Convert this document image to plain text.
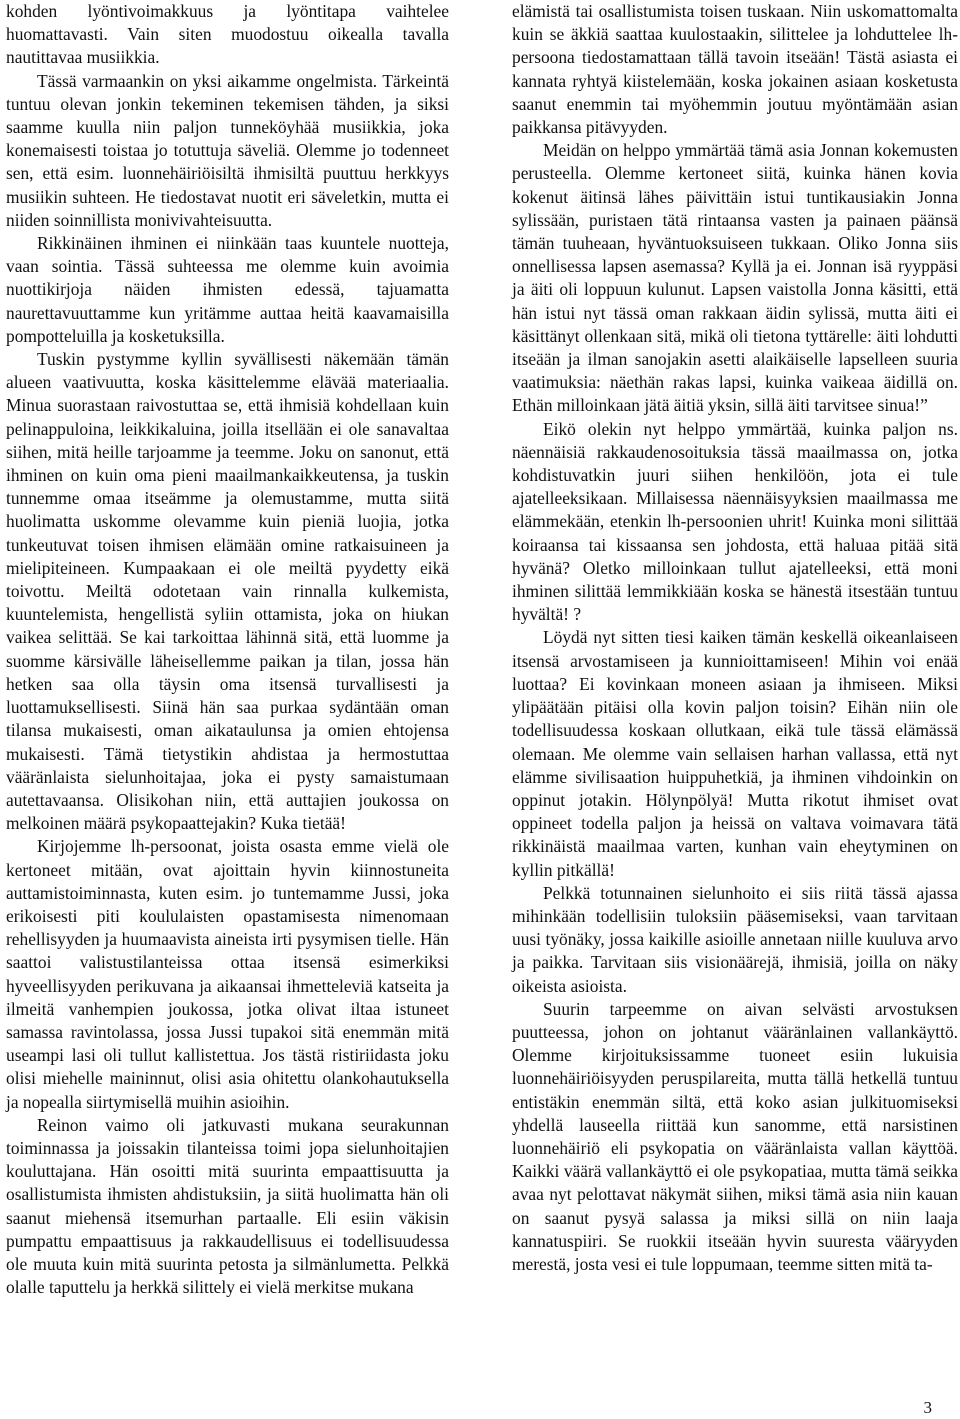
kohden lyöntivoimakkuus ja lyöntitapa vaihtelee huomattavasti. Vain siten muodostuu oikealla tavalla nautittavaa musiikkia.

Tässä varmaankin on yksi aikamme ongelmista. Tärkeintä tuntuu olevan jonkin tekeminen tekemisen tähden, ja siksi saamme kuulla niin paljon tunneköyhää musiikkia, joka konemaisesti toistaa jo totuttuja säveliä. Olemme jo todenneet sen, että esim. luonnehäiriöisiltä ihmisiltä puuttuu herkkyys musiikin suhteen. He tiedostavat nuotit eri säveletkin, mutta ei niiden soinnillista monivivahteisuutta.

Rikkinäinen ihminen ei niinkään taas kuuntele nuotteja, vaan sointia. Tässä suhteessa me olemme kuin avoimia nuottikirjoja näiden ihmisten edessä, tajuamatta naurettavuuttamme kun yritämme auttaa heitä kaavamaisilla pompotteluilla ja kosketuksilla.

Tuskin pystymme kyllin syvällisesti näkemään tämän alueen vaativuutta, koska käsittelemme elävää materiaalia. Minua suorastaan raivostuttaa se, että ihmisiä kohdellaan kuin pelinappuloina, leikkikaluina, joilla itsellään ei ole sanavaltaa siihen, mitä heille tarjoamme ja teemme. Joku on sanonut, että ihminen on kuin oma pieni maailmankaikkeutensa, ja tuskin tunnemme omaa itseämme ja olemustamme, mutta siitä huolimatta uskomme olevamme kuin pieniä luojia, jotka tunkeutuvat toisen ihmisen elämään omine ratkaisuineen ja mielipiteineen. Kumpaakaan ei ole meiltä pyydetty eikä toivottu. Meiltä odotetaan vain rinnalla kulkemista, kuuntelemista, hengellistä syliin ottamista, joka on hiukan vaikea selittää. Se kai tarkoittaa lähinnä sitä, että luomme ja suomme kärsivälle läheisellemme paikan ja tilan, jossa hän hetken saa olla täysin oma itsensä turvallisesti ja luottamuksellisesti. Siinä hän saa purkaa sydäntään oman tilansa mukaisesti, oman aikataulunsa ja omien ehtojensa mukaisesti. Tämä tietystikin ahdistaa ja hermostuttaa vääränlaista sielunhoitajaa, joka ei pysty samaistumaan autettavaansa. Olisikohan niin, että auttajien joukossa on melkoinen määrä psykopaattejakin? Kuka tietää!

Kirjojemme lh-persoonat, joista osasta emme vielä ole kertoneet mitään, ovat ajoittain hyvin kiinnostuneita auttamistoiminnasta, kuten esim. jo tuntemamme Jussi, joka erikoisesti piti koululaisten opastamisesta nimenomaan rehellisyyden ja huumaavista aineista irti pysymisen tielle. Hän saattoi valistustilanteissa ottaa itsensä esimerkiksi hyveellisyyden perikuvana ja aikaansai ihmetteleviä katseita ja ilmeitä vanhempien joukossa, jotka olivat iltaa istuneet samassa ravintolassa, jossa Jussi tupakoi sitä enemmän mitä useampi lasi oli tullut kallistettua. Jos tästä ristiriidasta joku olisi miehelle maininnut, olisi asia ohitettu olankohautuksella ja nopealla siirtymisellä muihin asioihin.

Reinon vaimo oli jatkuvasti mukana seurakunnan toiminnassa ja joissakin tilanteissa toimi jopa sielunhoitajien kouluttajana. Hän osoitti mitä suurinta empaattisuutta ja osallistumista ihmisten ahdistuksiin, ja siitä huolimatta hän oli saanut miehensä itsemurhan partaalle. Eli esiin väkisin pumpattu empaattisuus ja rakkaudellisuus ei todellisuudessa ole muuta kuin mitä suurinta petosta ja silmänlumetta. Pelkkä olalle taputtelu ja herkkä silittely ei vielä merkitse mukana

elämistä tai osallistumista toisen tuskaan. Niin uskomattomalta kuin se äkkiä saattaa kuulostaakin, silittelee ja lohduttelee lh-persoona tiedostamattaan tällä tavoin itseään! Tästä asiasta ei kannata ryhtyä kiistelemään, koska jokainen asiaan kosketusta saanut enemmin tai myöhemmin joutuu myöntämään asian paikkansa pitävyyden.

Meidän on helppo ymmärtää tämä asia Jonnan kokemusten perusteella. Olemme kertoneet siitä, kuinka hänen kovia kokenut äitinsä lähes päivittäin istui tuntikausiakin Jonna sylissään, puristaen tätä rintaansa vasten ja painaen päänsä tämän tuuheaan, hyväntuoksuiseen tukkaan. Oliko Jonna siis onnellisessa lapsen asemassa? Kyllä ja ei. Jonnan isä ryyppäsi ja äiti oli loppuun kulunut. Lapsen vaistolla Jonna käsitti, että hän istui nyt tässä oman rakkaan äidin sylissä, mutta äiti ei käsittänyt ollenkaan sitä, mikä oli tietona tyttärelle: äiti lohdutti itseään ja ilman sanojakin asetti alaikäiselle lapselleen suuria vaatimuksia: näethän rakas lapsi, kuinka vaikeaa äidillä on. Ethän milloinkaan jätä äitiä yksin, sillä äiti tarvitsee sinua!”

Eikö olekin nyt helppo ymmärtää, kuinka paljon ns. näennäisiä rakkaudenosoituksia tässä maailmassa on, jotka kohdistuvatkin juuri siihen henkilöön, jota ei tule ajatelleeksikaan. Millaisessa näennäisyyksien maailmassa me elämmekään, etenkin lh-persoonien uhrit! Kuinka moni silittää koiraansa tai kissaansa sen johdosta, että haluaa pitää sitä hyvänä? Oletko milloinkaan tullut ajatelleeksi, että moni ihminen silittää lemmikkiään koska se hänestä itsestään tuntuu hyvältä! ?

Löydä nyt sitten tiesi kaiken tämän keskellä oikeanlaiseen itsensä arvostamiseen ja kunnioittamiseen! Mihin voi enää luottaa? Ei kovinkaan moneen asiaan ja ihmiseen. Miksi ylipäätään pitäisi olla kovin paljon toisin? Eihän niin ole todellisuudessa koskaan ollutkaan, eikä tule tässä elämässä olemaan. Me olemme vain sellaisen harhan vallassa, että nyt elämme sivilisaation huippuhetkiä, ja ihminen vihdoinkin on oppinut jotakin. Hölynpölyä! Mutta rikotut ihmiset ovat oppineet todella paljon ja heissä on valtava voimavara tätä rikkinäistä maailmaa varten, kunhan vain eheytyminen on kyllin pitkällä!

Pelkkä totunnainen sielunhoito ei siis riitä tässä ajassa mihinkään todellisiin tuloksiin pääsemiseksi, vaan tarvitaan uusi työnäky, jossa kaikille asioille annetaan niille kuuluva arvo ja paikka. Tarvitaan siis visionäärejä, ihmisiä, joilla on näky oikeista asioista.

Suurin tarpeemme on aivan selvästi arvostuksen puutteessa, johon on johtanut vääränlainen vallankäyttö. Olemme kirjoituksissamme tuoneet esiin lukuisia luonnehäiriöisyyden peruspilareita, mutta tällä hetkellä tuntuu entistäkin enemmän siltä, että koko asian julkituomiseksi yhdellä lauseella riittää kun sanomme, että narsistinen luonnehäiriö eli psykopatia on vääränlaista vallan käyttöä. Kaikki väärä vallankäyttö ei ole psykopatiaa, mutta tämä seikka avaa nyt pelottavat näkymät siihen, miksi tämä asia niin kauan on saanut pysyä salassa ja miksi sillä on niin laaja kannatuspiiri. Se ruokkii itseään hyvin suuresta vääryyden merestä, josta vesi ei tule loppumaan, teemme sitten mitä ta-

3
